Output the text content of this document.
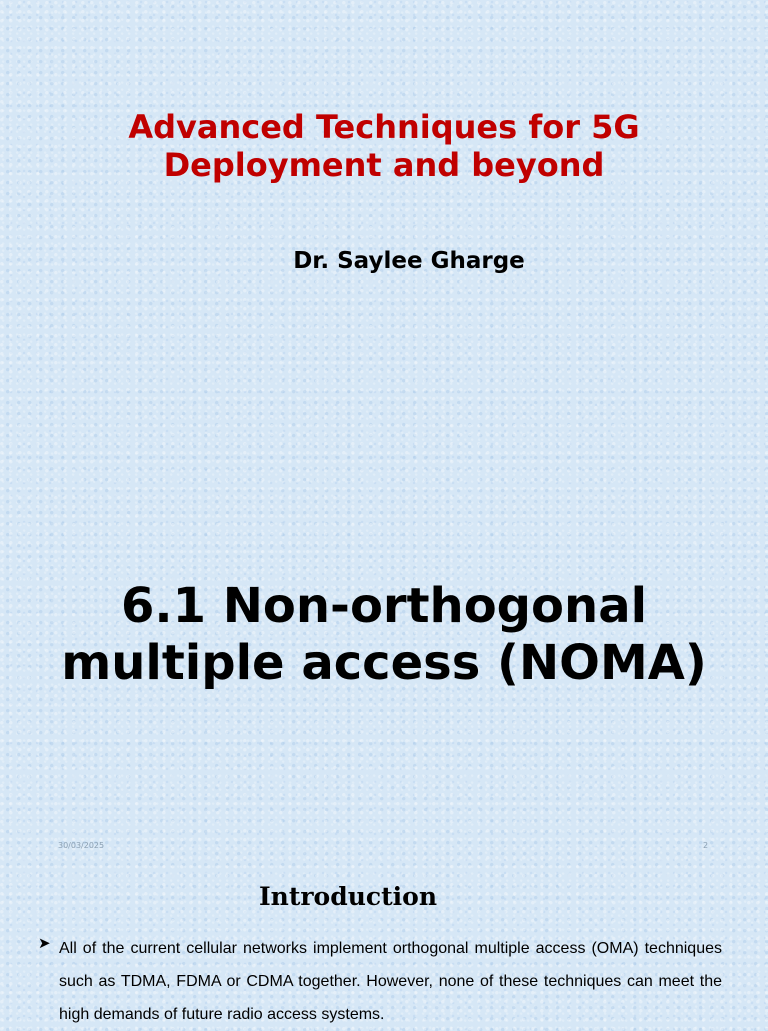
Advanced Techniques for 5G
Deployment and beyond
Dr. Saylee Gharge
6.1 Non-orthogonal
multiple access (NOMA)
30/03/2025	2
Introduction
➤ All of the current cellular networks implement orthogonal multiple access (OMA) techniques such as TDMA, FDMA or CDMA together. However, none of these techniques can meet the high demands of future radio access systems.
